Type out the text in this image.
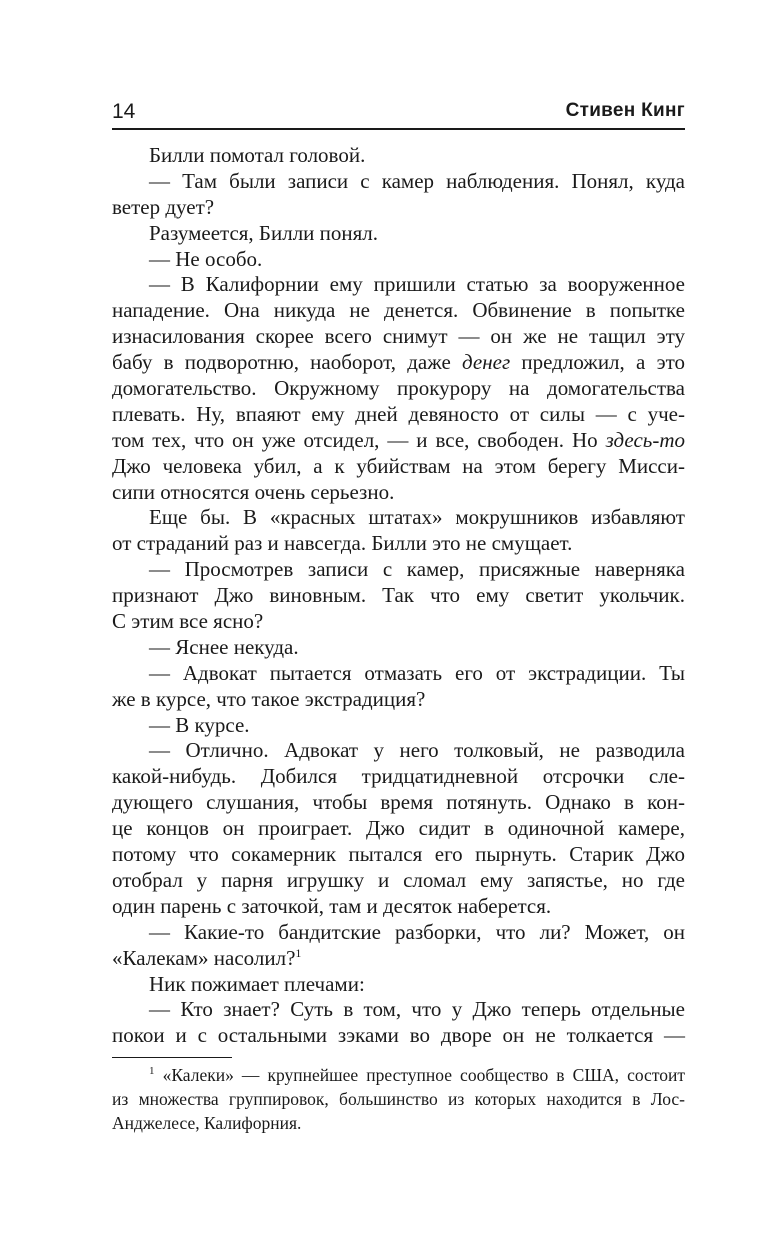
14	Стивен Кинг
Билли помотал головой.
— Там были записи с камер наблюдения. Понял, куда
ветер дует?
Разумеется, Билли понял.
— Не особо.
— В Калифорнии ему пришили статью за вооруженное
нападение. Она никуда не денется. Обвинение в попытке
изнасилования скорее всего снимут — он же не тащил эту
бабу в подворотню, наоборот, даже денег предложил, а это
домогательство. Окружному прокурору на домогательства
плевать. Ну, впаяют ему дней девяносто от силы — с уче-
том тех, что он уже отсидел, — и все, свободен. Но здесь-то
Джо человека убил, а к убийствам на этом берегу Мисси-
сипи относятся очень серьезно.
Еще бы. В «красных штатах» мокрушников избавляют
от страданий раз и навсегда. Билли это не смущает.
— Просмотрев записи с камер, присяжные наверняка
признают Джо виновным. Так что ему светит укольчик.
С этим все ясно?
— Яснее некуда.
— Адвокат пытается отмазать его от экстрадиции. Ты
же в курсе, что такое экстрадиция?
— В курсе.
— Отлично. Адвокат у него толковый, не разводила
какой-нибудь. Добился тридцатидневной отсрочки сле-
дующего слушания, чтобы время потянуть. Однако в кон-
це концов он проиграет. Джо сидит в одиночной камере,
потому что сокамерник пытался его пырнуть. Старик Джо
отобрал у парня игрушку и сломал ему запястье, но где
один парень с заточкой, там и десяток наберется.
— Какие-то бандитские разборки, что ли? Может, он
«Калекам» насолил?$^1$
Ник пожимает плечами:
— Кто знает? Суть в том, что у Джо теперь отдельные
покои и с остальными зэками во дворе он не толкается —
$^1$ «Калеки» — крупнейшее преступное сообщество в США, состоит
из множества группировок, большинство из которых находится в Лос-
Анджелесе, Калифорния.
